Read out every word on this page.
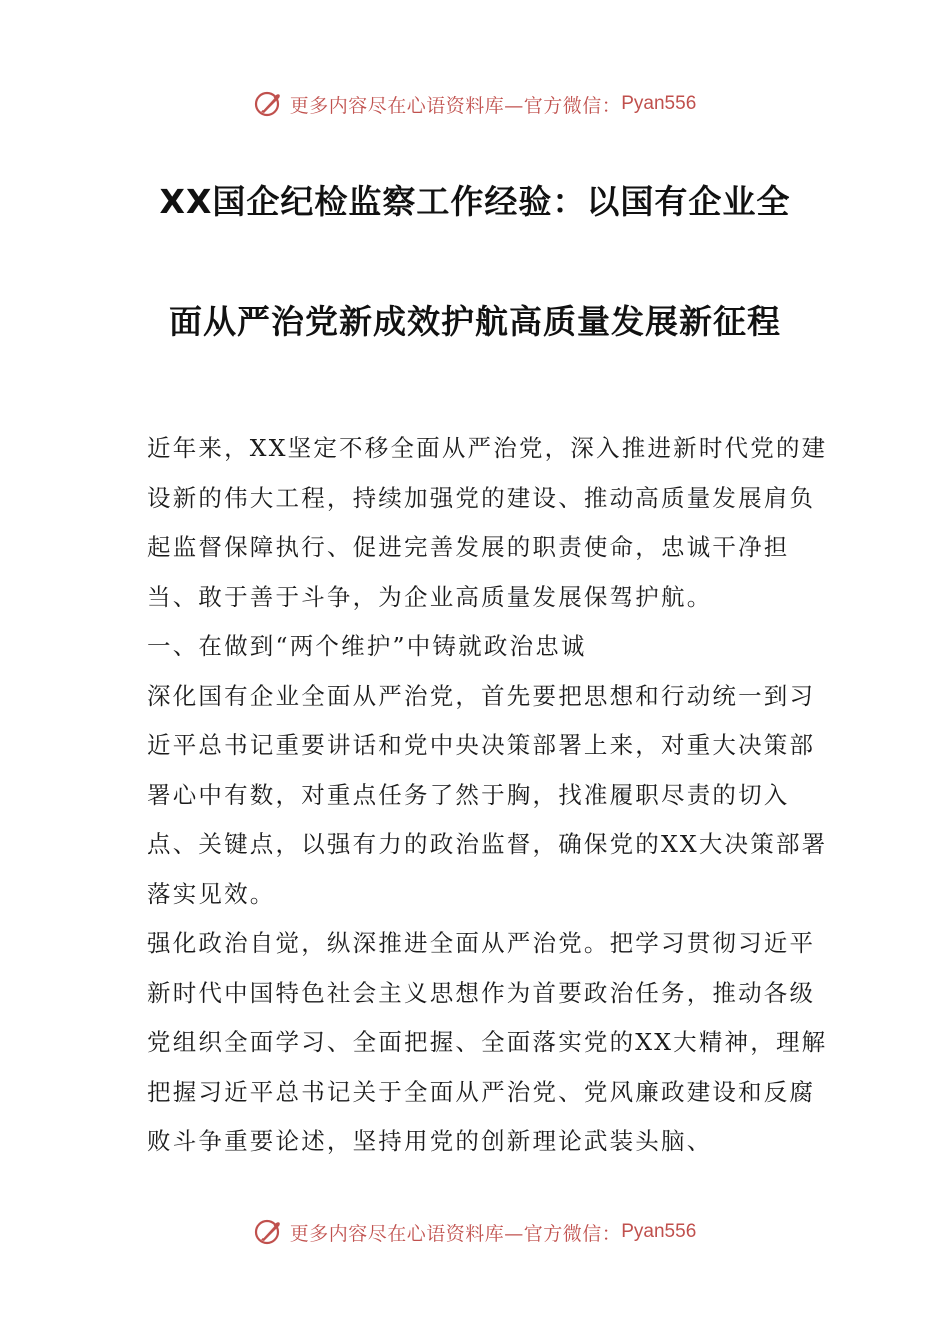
更多内容尽在心语资料库—官方微信： Pyan556
XX国企纪检监察工作经验：以国有企业全
面从严治党新成效护航高质量发展新征程

近年来，XX坚定不移全面从严治党，深入推进新时代党的建设新的伟大工程，持续加强党的建设、推动高质量发展肩负起监督保障执行、促进完善发展的职责使命，忠诚干净担当、敢于善于斗争，为企业高质量发展保驾护航。

一、在做到“两个维护”中铸就政治忠诚

深化国有企业全面从严治党，首先要把思想和行动统一到习近平总书记重要讲话和党中央决策部署上来，对重大决策部署心中有数，对重点任务了然于胸，找准履职尽责的切入点、关键点，以强有力的政治监督，确保党的XX大决策部署落实见效。

强化政治自觉，纵深推进全面从严治党。把学习贯彻习近平新时代中国特色社会主义思想作为首要政治任务，推动各级党组织全面学习、全面把握、全面落实党的XX大精神，理解把握习近平总书记关于全面从严治党、党风廉政建设和反腐败斗争重要论述，坚持用党的创新理论武装头脑、

更多内容尽在心语资料库—官方微信： Pyan556
